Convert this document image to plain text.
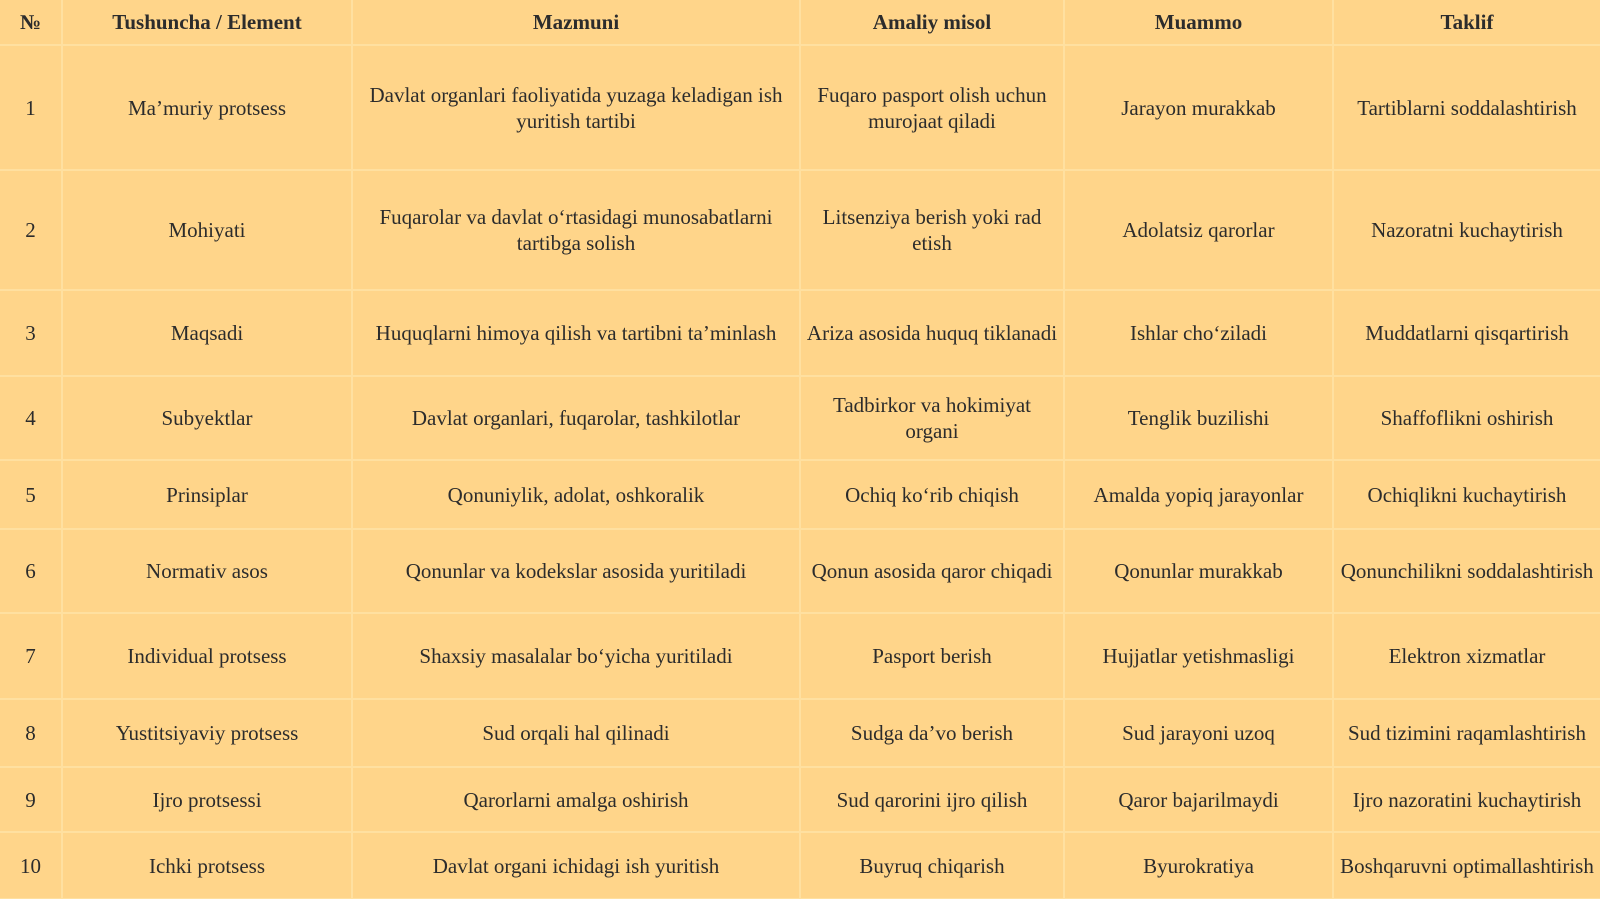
№	Tushuncha / Element	Mazmuni	Amaliy misol	Muammo	Taklif
1	Ma’muriy protsess	Davlat organlari faoliyatida yuzaga keladigan ish yuritish tartibi	Fuqaro pasport olish uchun murojaat qiladi	Jarayon murakkab	Tartiblarni soddalashtirish
2	Mohiyati	Fuqarolar va davlat o‘rtasidagi munosabatlarni tartibga solish	Litsenziya berish yoki rad etish	Adolatsiz qarorlar	Nazoratni kuchaytirish
3	Maqsadi	Huquqlarni himoya qilish va tartibni ta’minlash	Ariza asosida huquq tiklanadi	Ishlar cho‘ziladi	Muddatlarni qisqartirish
4	Subyektlar	Davlat organlari, fuqarolar, tashkilotlar	Tadbirkor va hokimiyat organi	Tenglik buzilishi	Shaffoflikni oshirish
5	Prinsiplar	Qonuniylik, adolat, oshkoralik	Ochiq ko‘rib chiqish	Amalda yopiq jarayonlar	Ochiqlikni kuchaytirish
6	Normativ asos	Qonunlar va kodekslar asosida yuritiladi	Qonun asosida qaror chiqadi	Qonunlar murakkab	Qonunchilikni soddalashtirish
7	Individual protsess	Shaxsiy masalalar bo‘yicha yuritiladi	Pasport berish	Hujjatlar yetishmasligi	Elektron xizmatlar
8	Yustitsiyaviy protsess	Sud orqali hal qilinadi	Sudga da’vo berish	Sud jarayoni uzoq	Sud tizimini raqamlashtirish
9	Ijro protsessi	Qarorlarni amalga oshirish	Sud qarorini ijro qilish	Qaror bajarilmaydi	Ijro nazoratini kuchaytirish
10	Ichki protsess	Davlat organi ichidagi ish yuritish	Buyruq chiqarish	Byurokratiya	Boshqaruvni optimallashtirish
